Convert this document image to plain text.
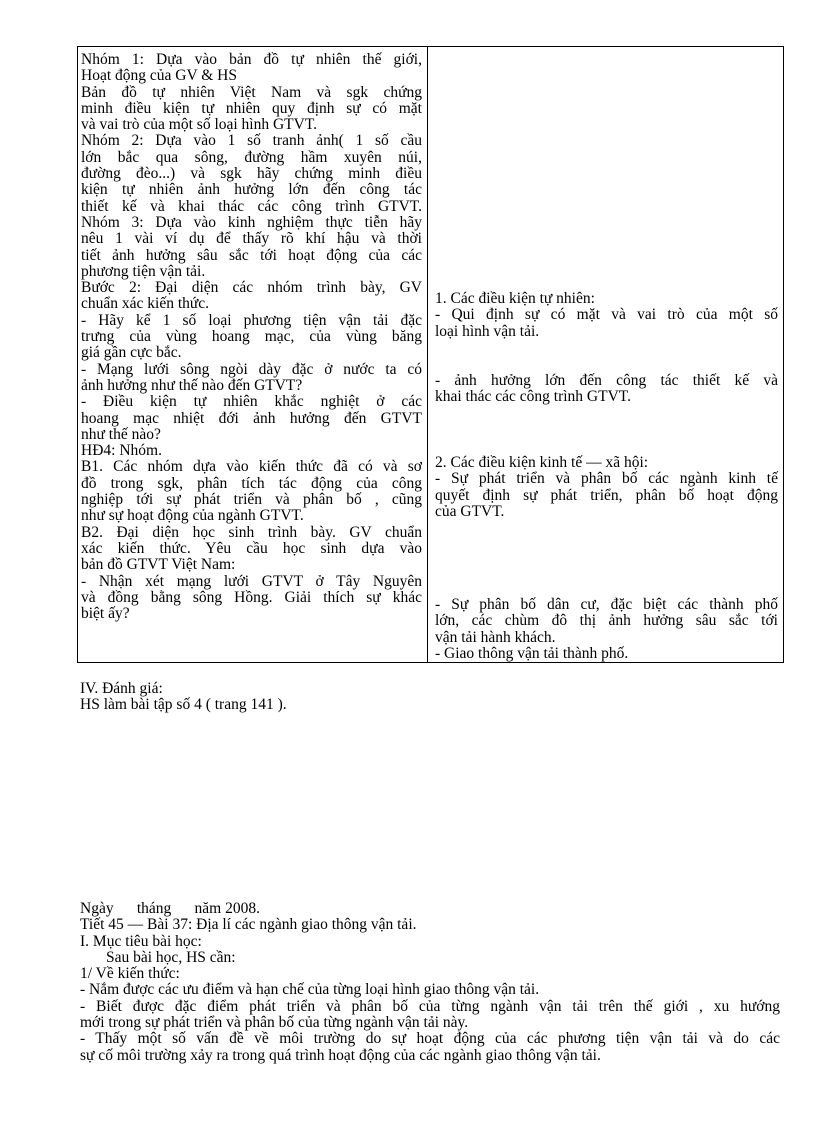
Nhóm 1: Dựa vào bản đồ tự nhiên thế giới,
Hoạt động của GV & HS
Bản đồ tự nhiên Việt Nam và sgk chứng
minh điều kiện tự nhiên quy định sự có mặt
và vai trò của một số loại hình GTVT.
Nhóm 2: Dựa vào 1 số tranh ảnh( 1 số cầu
lớn bắc qua sông, đường hầm xuyên núi,
đường đèo...) và sgk hãy chứng minh điều
kiện tự nhiên ảnh hưởng lớn đến công tác
thiết kế và khai thác các công trình GTVT.
Nhóm 3: Dựa vào kinh nghiệm thực tiễn hãy
nêu 1 vài ví dụ để thấy rõ khí hậu và thời
tiết ảnh hưởng sâu sắc tới hoạt động của các
phương tiện vận tải.
Bước 2: Đại diện các nhóm trình bày, GV
chuẩn xác kiến thức.
- Hãy kể 1 số loại phương tiện vận tải đặc
trưng của vùng hoang mạc, của vùng băng
giá gần cực bắc.
- Mạng lưới sông ngòi dày đặc ở nước ta có
ảnh hưởng như thế nào đến GTVT?
- Điều kiện tự nhiên khắc nghiệt ở các
hoang mạc nhiệt đới ảnh hưởng đến GTVT
như thế nào?
HĐ4: Nhóm.
B1. Các nhóm dựa vào kiến thức đã có và sơ
đồ trong sgk, phân tích tác động của công
nghiệp tới sự phát triển và phân bố , cũng
như sự hoạt động của ngành GTVT.
B2. Đại diện học sinh trình bày. GV chuẩn
xác kiến thức. Yêu cầu học sinh dựa vào
bản đồ GTVT Việt Nam:
- Nhận xét mạng lưới GTVT ở Tây Nguyên
và đồng bằng sông Hồng. Giải thích sự khác
biệt ấy?
1. Các điều kiện tự nhiên:
- Qui định sự có mặt và vai trò của một số
loại hình vận tải.
- ảnh hưởng lớn đến công tác thiết kế và
khai thác các công trình GTVT.
2. Các điều kiện kinh tế — xã hội:
- Sự phát triển và phân bố các ngành kinh tế
quyết định sự phát triển, phân bố hoạt động
của GTVT.
- Sự phân bố dân cư, đặc biệt các thành phố
lớn, các chùm đô thị ảnh hưởng sâu sắc tới
vận tải hành khách.
- Giao thông vận tải thành phố.
IV. Đánh giá:
HS làm bài tập số 4 ( trang 141 ).
Ngày      tháng      năm 2008.
Tiết 45 — Bài 37: Địa lí các ngành giao thông vận tải.
I. Mục tiêu bài học:
Sau bài học, HS cần:
1/ Về kiến thức:
- Nắm được các ưu điểm và hạn chế của từng loại hình giao thông vận tải.
- Biết được đặc điểm phát triển và phân bố của từng ngành vận tải trên thế giới , xu hướng
mới trong sự phát triển và phân bố của từng ngành vận tải này.
- Thấy một số vấn đề về môi trường do sự hoạt động của các phương tiện vận tải và do các
sự cố môi trường xảy ra trong quá trình hoạt động của các ngành giao thông vận tải.
